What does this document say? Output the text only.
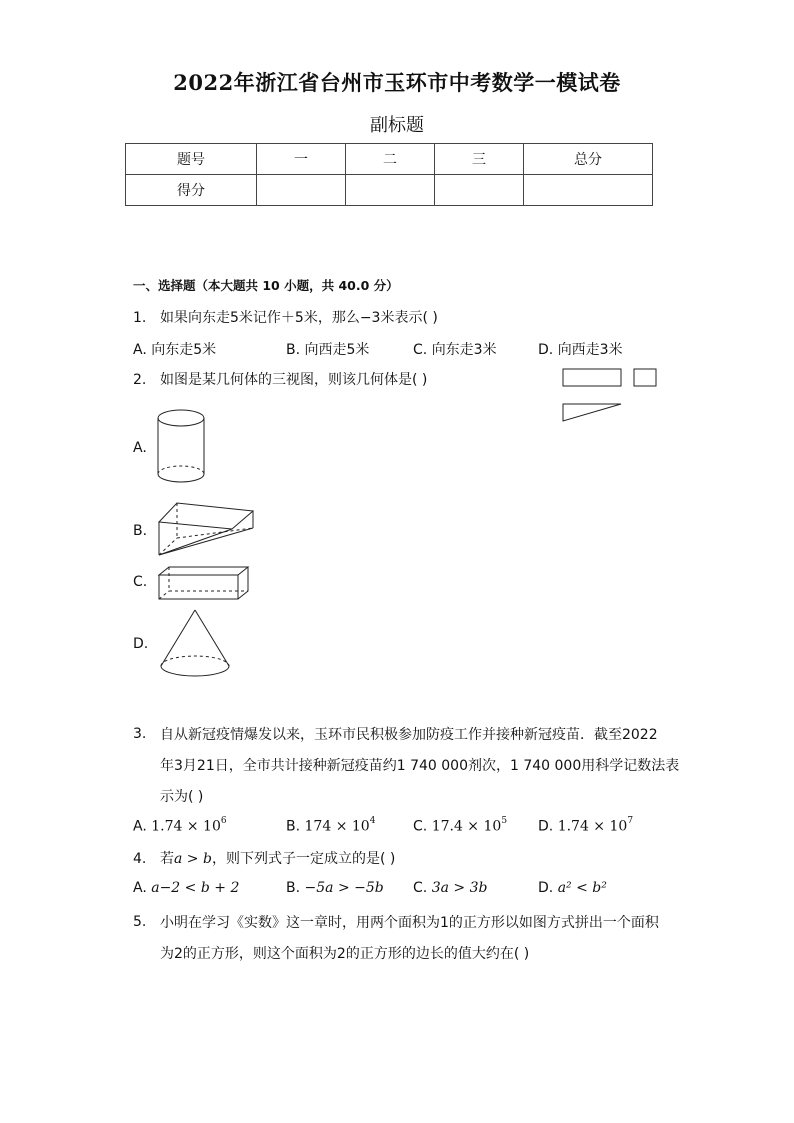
2022年浙江省台州市玉环市中考数学一模试卷
副标题
题号	一	二	三	总分
得分				
一、选择题（本大题共 10 小题，共 40.0 分）
1. 如果向东走5米记作＋5米，那么−3米表示( )
A. 向东走5米	B. 向西走5米	C. 向东走3米	D. 向西走3米
2. 如图是某几何体的三视图，则该几何体是( )
A.
B.
C.
D.
3. 自从新冠疫情爆发以来，玉环市民积极参加防疫工作并接种新冠疫苗．截至2022
年3月21日，全市共计接种新冠疫苗约1 740 000剂次，1 740 000用科学记数法表
示为( )
A. $1.74 \times 10^6$	B. $174 \times 10^4$	C. $17.4 \times 10^5$ D. $1.74 \times 10^7$
4. 若a > b，则下列式子一定成立的是( )
A. a−2 < b + 2	B. −5a > −5b C. 3a > 3b	D. a² < b²
5. 小明在学习《实数》这一章时，用两个面积为1的正方形以如图方式拼出一个面积
为2的正方形，则这个面积为2的正方形的边长的值大约在( )
